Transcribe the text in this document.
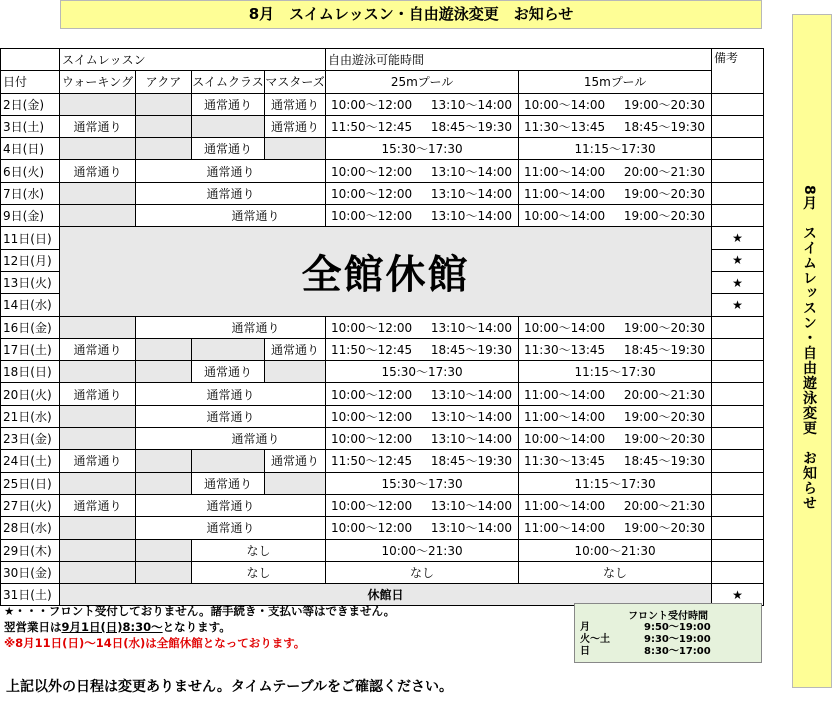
8月　スイムレッスン・自由遊泳変更　お知らせ
8月　スイムレッスン・自由遊泳変更　お知らせ
	スイムレッスン				自由遊泳可能時間		備考
日付	ウォーキング	アクア	スイムクラス	マスターズ	25mプール	15mプール	
2日(金)			通常通り	通常通り	10:00～12:00 13:10～14:00	10:00～14:00 19:00～20:30	

3日(土)	通常通り			通常通り	11:50～12:45 18:45～19:30	11:30～13:45 18:45～19:30	

4日(日)			通常通り		15:30～17:30	11:15～17:30	
6日(火)	通常通り	通常通り			10:00～12:00 13:10～14:00	11:00～14:00 20:00～21:30	

7日(水)		通常通り			10:00～12:00 13:10～14:00	11:00～14:00 19:00～20:30	

9日(金)		通常通り			10:00～12:00 13:10～14:00	10:00～14:00 19:00～20:30	

11日(日)	全館休館						★
12日(月)							★
13日(火)							★
14日(水)							★
16日(金)		通常通り			10:00～12:00 13:10～14:00	10:00～14:00 19:00～20:30	

17日(土)	通常通り			通常通り	11:50～12:45 18:45～19:30	11:30～13:45 18:45～19:30	

18日(日)			通常通り		15:30～17:30	11:15～17:30	
20日(火)	通常通り	通常通り			10:00～12:00 13:10～14:00	11:00～14:00 20:00～21:30	

21日(水)		通常通り			10:00～12:00 13:10～14:00	11:00～14:00 19:00～20:30	

23日(金)		通常通り			10:00～12:00 13:10～14:00	10:00～14:00 19:00～20:30	

24日(土)	通常通り			通常通り	11:50～12:45 18:45～19:30	11:30～13:45 18:45～19:30	

25日(日)			通常通り		15:30～17:30	11:15～17:30	
27日(火)	通常通り	通常通り			10:00～12:00 13:10～14:00	11:00～14:00 20:00～21:30	

28日(水)		通常通り			10:00～12:00 13:10～14:00	11:00～14:00 19:00～20:30	

29日(木)			なし		10:00～21:30	10:00～21:30	
30日(金)			なし		なし	なし	
31日(土)	休館日						★
★・・・フロント受付しておりません。諸手続き・支払い等はできません。
翌営業日は9月1日(日)8:30～となります。
※8月11日(日)～14日(水)は全館休館となっております。
フロント受付時間
月	9:50～19:00
火～土	9:30～19:00
日	8:30～17:00
上記以外の日程は変更ありません。タイムテーブルをご確認ください。
